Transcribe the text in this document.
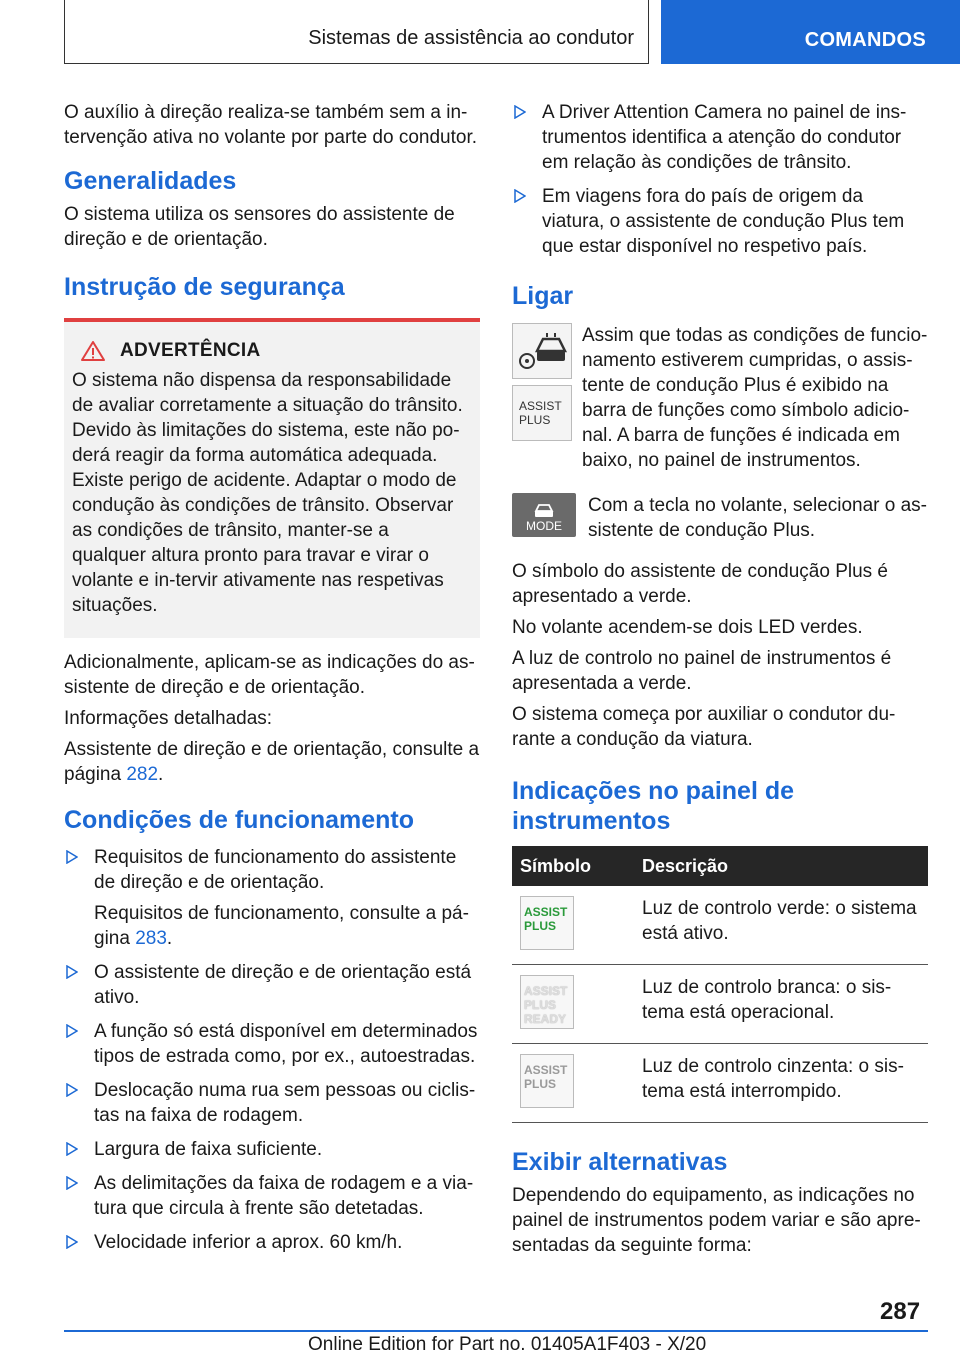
Sistemas de assistência ao condutor	COMANDOS

O auxílio à direção realiza-se também sem a in-tervenção ativa no volante por parte do condutor.

Generalidades

O sistema utiliza os sensores do assistente de direção e de orientação.

Instrução de segurança
ADVERTÊNCIA

O sistema não dispensa da responsabilidade de avaliar corretamente a situação do trânsito. Devido às limitações do sistema, este não po-derá reagir da forma automática adequada. Existe perigo de acidente. Adaptar o modo de condução às condições de trânsito. Observar as condições de trânsito, manter-se a qualquer altura pronto para travar e virar o volante e in-tervir ativamente nas respetivas situações.

Adicionalmente, aplicam-se as indicações do as-sistente de direção e de orientação.

Informações detalhadas:

Assistente de direção e de orientação, consulte a página 282.

Condições de funcionamento

Requisitos de funcionamento do assistente de direção e de orientação.

Requisitos de funcionamento, consulte a pá-gina 283.

O assistente de direção e de orientação está ativo.

A função só está disponível em determinados tipos de estrada como, por ex., autoestradas.

Deslocação numa rua sem pessoas ou ciclis-tas na faixa de rodagem.

Largura de faixa suficiente.

As delimitações da faixa de rodagem e a via-tura que circula à frente são detetadas.

Velocidade inferior a aprox. 60 km/h.

A Driver Attention Camera no painel de ins-trumentos identifica a atenção do condutor em relação às condições de trânsito.

Em viagens fora do país de origem da viatura, o assistente de condução Plus tem que estar disponível no respetivo país.

Ligar
ASSIST
PLUS

Assim que todas as condições de funcio-namento estiverem cumpridas, o assis-tente de condução Plus é exibido na barra de funções como símbolo adicio-nal. A barra de funções é indicada em baixo, no painel de instrumentos.

MODE

Com a tecla no volante, selecionar o as-sistente de condução Plus.

O símbolo do assistente de condução Plus é apresentado a verde.

No volante acendem-se dois LED verdes.

A luz de controlo no painel de instrumentos é apresentada a verde.

O sistema começa por auxiliar o condutor du-rante a condução da viatura.

Indicações no painel de instrumentos
Símbolo	Descrição

ASSIST
PLUS	Luz de controlo verde: o sistema está ativo.

ASSIST
PLUS
READY	Luz de controlo branca: o sis-tema está operacional.

ASSIST
PLUS	Luz de controlo cinzenta: o sis-tema está interrompido.
Exibir alternativas

Dependendo do equipamento, as indicações no painel de instrumentos podem variar e são apre-sentadas da seguinte forma:

287
Online Edition for Part no. 01405A1F403 - X/20
